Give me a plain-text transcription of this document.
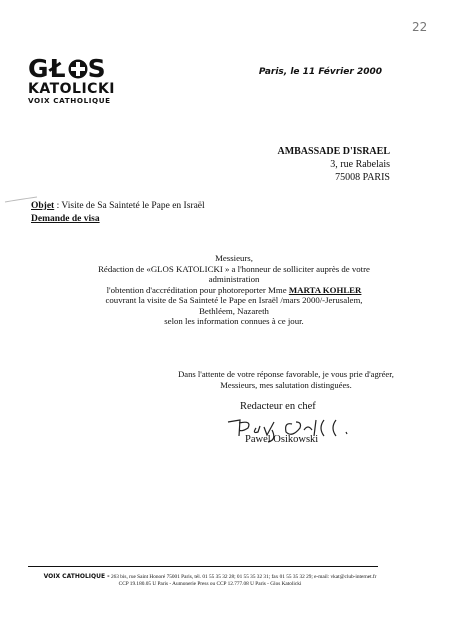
22
GŁ S
KATOLICKI
VOIX CATHOLIQUE
Paris, le 11 Février 2000
AMBASSADE D'ISRAEL
3, rue Rabelais
75008 PARIS
Objet : Visite de Sa Sainteté le Pape en Israël
Demande de visa
Messieurs,
Rédaction de «GLOS KATOLICKI » a l'honneur de solliciter auprès de votre administration
l'obtention d'accréditation pour photoreporter Mme MARTA KOHLER
couvrant la visite de Sa Sainteté le Pape en Israël /mars 2000/-Jerusalem, Bethléem, Nazareth
selon les information connues à ce jour.
Dans l'attente de votre réponse favorable, je vous prie d'agréer,
Messieurs, mes salutation distinguées.
Redacteur en chef
Pawel Osikowski
VOIX CATHOLIQUE - 263 bis, rue Saint Honoré 75001 Paris, tél. 01 55 35 32 28; 01 55 35 32 31; fax 01 55 35 32 29; e-mail: vkat@club-internet.fr
CCP 19.180.05 U Paris - Aumonerie Press ou CCP 12.777.08 U Paris - Glos Katolicki
